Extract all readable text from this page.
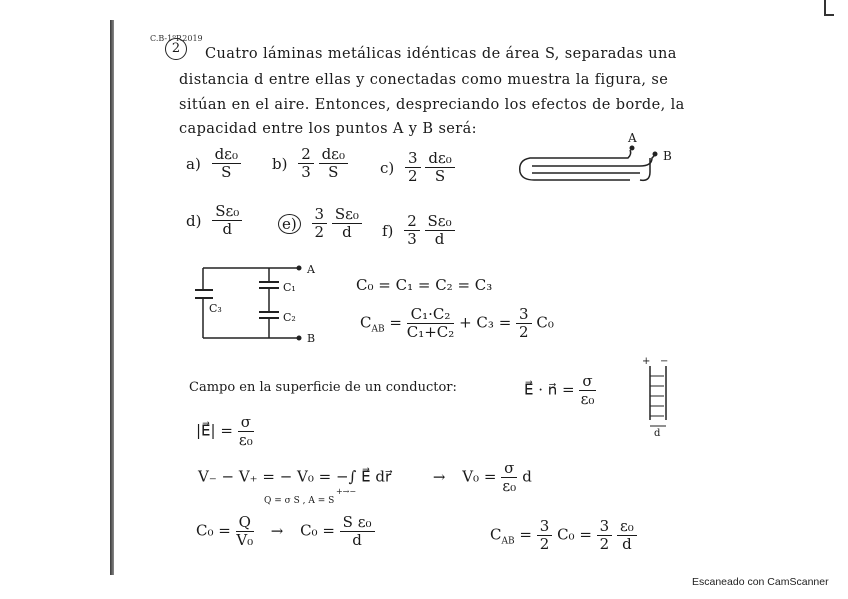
C.B-1ºP.2019
2	Cuatro láminas metálicas idénticas de área S, separadas una
distancia d entre ellas y conectadas como muestra la figura, se
sitúan en el aire. Entonces, despreciando los efectos de borde, la
capacidad entre los puntos A y B será:
$a) \frac{\text{dε₀}}{S} b) \frac{2}{3}$
$\frac{\text{dε₀}}{S} c) \frac{3}{2}$
$\frac{\text{dε₀}}{S}$
$d) \frac{\text{Sε₀}}{d}$	$e) \frac{3}{2}$
$\frac{\text{Sε₀}}{d} f) \frac{2}{3}$
$\frac{\text{Sε₀}}{d}$
A
B
A
B
C₁
C₂
C₃
C₀ = C₁ = C₂ = C₃
$C_{AB} = \frac{\text{C₁·C₂}}{\text{C₁+C₂}} + C_3 = \frac{3}{2} C_0$
Campo en la superficie de un conductor:	E⃗ · n⃗ = $\frac{\sigma}{\text{ε₀}}$
|E⃗| = $\frac{\sigma}{\text{ε₀}}$
+ −
d
V₋ − V₊ = − V₀ = −∫ E⃗ dr⃗ $_{+\to-} \to V_0 = \frac{\sigma}{\text{ε₀}}$ d
Q = σ S , A = S
$C_0 = \frac{Q}{\text{V₀}} \to C_0 = \frac{\text{S ε₀}}{d}$	$C_{AB} = \frac{3}{2} C_0 = \frac{3}{2}$
$\frac{\text{ε₀}}{d}$
Escaneado con CamScanner
